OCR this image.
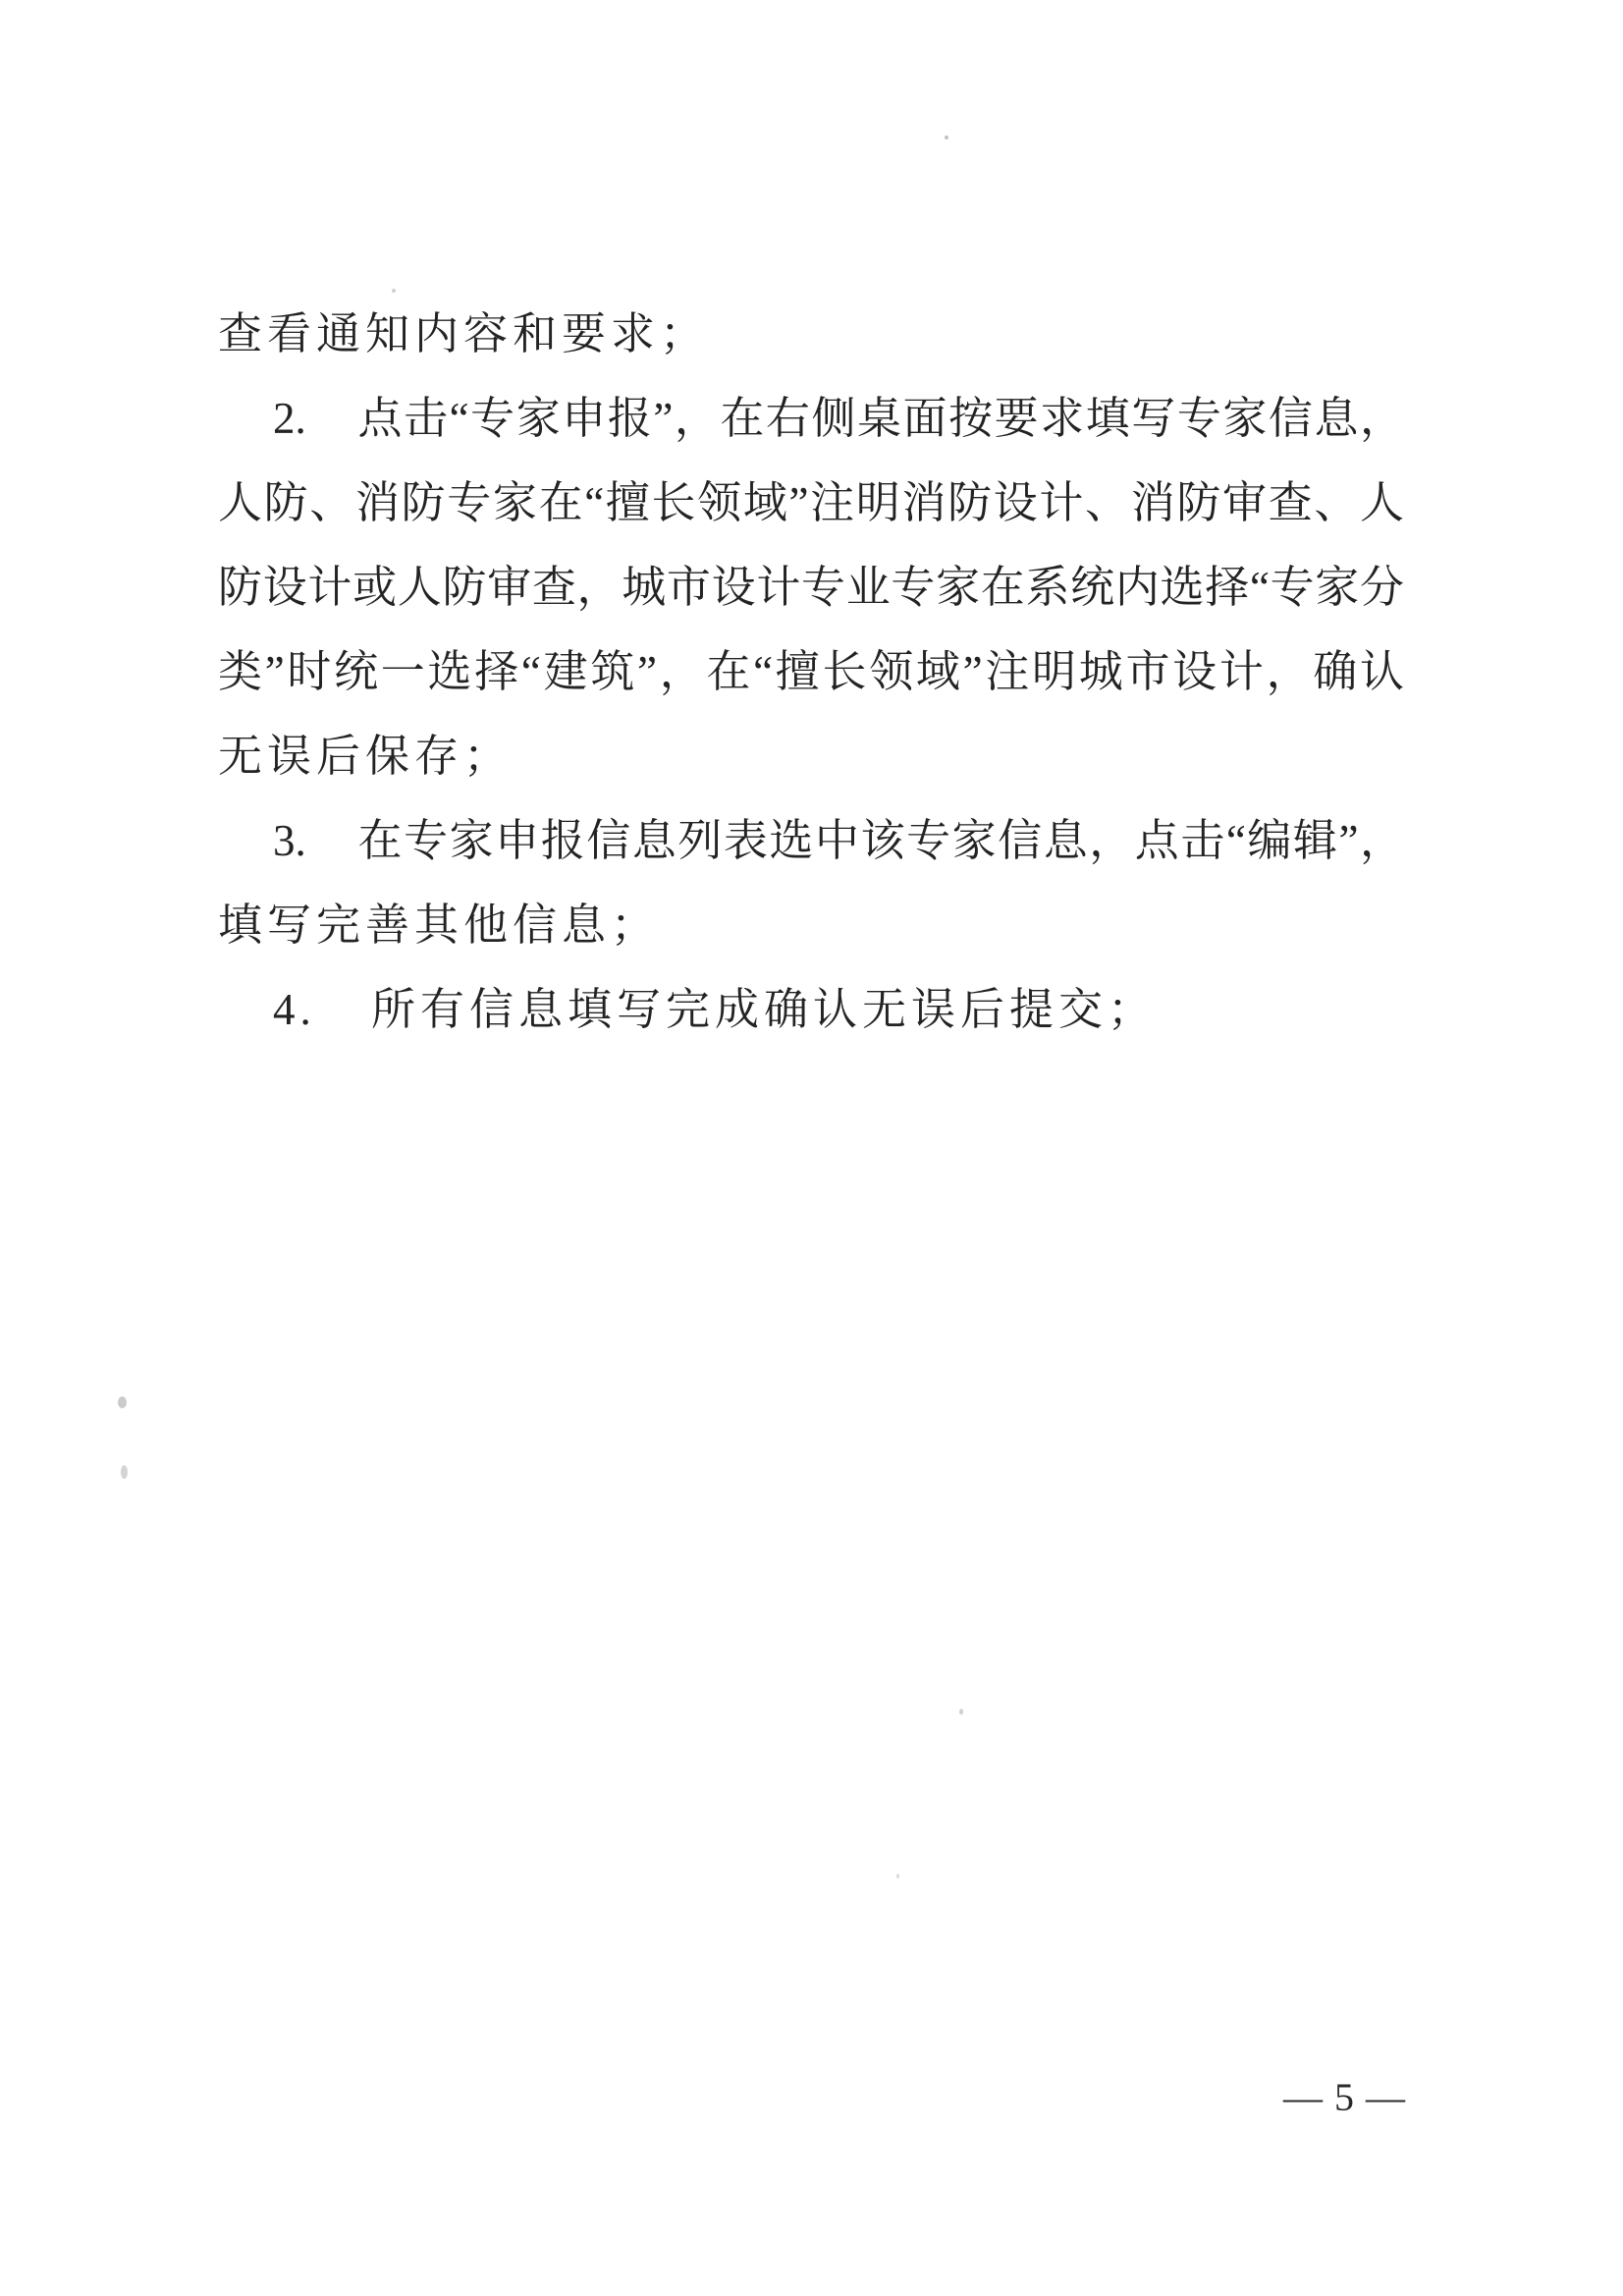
查看通知内容和要求；

2. 点击“专家申报”，在右侧桌面按要求填写专家信息，

人防、消防专家在“擅长领域”注明消防设计、消防审查、人

防设计或人防审查，城市设计专业专家在系统内选择“专家分

类”时统一选择“建筑”，在“擅长领域”注明城市设计，确认

无误后保存；

3. 在专家申报信息列表选中该专家信息，点击“编辑”，

填写完善其他信息；

4. 所有信息填写完成确认无误后提交；

— 5 —
